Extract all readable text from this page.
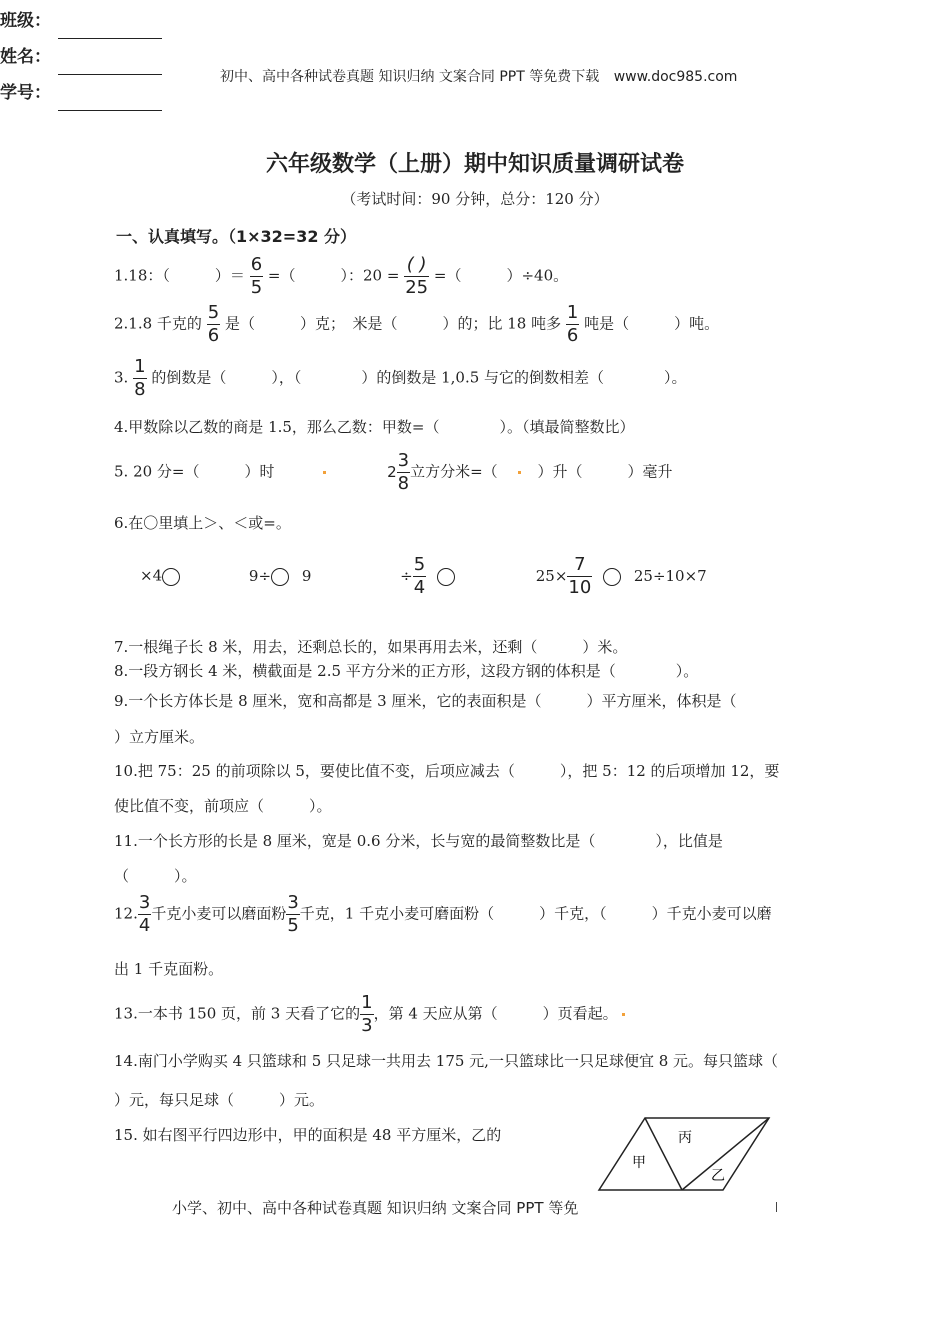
班级：
姓名：
学号：
初中、高中各种试卷真题 知识归纳 文案合同 PPT 等免费下载 www.doc985.com
六年级数学（上册）期中知识质量调研试卷
（考试时间：90 分钟，总分：120 分）
一、认真填写。（1×32=32 分）
1.18：（　　　）＝ $\frac{6}{5}$ =（　　　）：$20 = \frac{( )}{25}$ =（　　　）÷40。
2.1.8 千克的 $\frac{5}{6}$ 是（　　　）克；　米是（　　　）的；比 18 吨多 $\frac{1}{6}$ 吨是（　　　）吨。
3. $\frac{1}{8}$ 的倒数是（　　　），（　　　　）的倒数是 1,0.5 与它的倒数相差（　　　　）。
4.甲数除以乙数的商是 1.5，那么乙数：甲数=（　　　　）。（填最简整数比）
5. 20 分=（　　　）时	$2 \frac{3}{8}$ 立方分米=（	）升（　　　）毫升
6.在〇里填上＞、＜或=。
×4	9÷ 9	÷ $\frac{5}{4}$	$25\times \frac{7}{10}$	25÷10×7
7.一根绳子长 8 米，用去，还剩总长的，如果再用去米，还剩（　　　）米。
8.一段方钢长 4 米，横截面是 2.5 平方分米的正方形，这段方钢的体积是（　　　　）。
9.一个长方体长是 8 厘米，宽和高都是 3 厘米，它的表面积是（　　　）平方厘米，体积是（
）立方厘米。
10.把 75：25 的前项除以 5，要使比值不变，后项应减去（　　　），把 5：12 的后项增加 12，要
使比值不变，前项应（　　　）。
11.一个长方形的长是 8 厘米，宽是 0.6 分米，长与宽的最简整数比是（　　　　），比值是
（　　　）。
12. $\frac{3}{4}$ 千克小麦可以磨面粉 $\frac{3}{5}$ 千克，1 千克小麦可磨面粉（　　　）千克，（　　　）千克小麦可以磨
出 1 千克面粉。
13.一本书 150 页，前 3 天看了它的 $\frac{1}{3}$ ，第 4 天应从第（　　　）页看起。
14.南门小学购买 4 只篮球和 5 只足球一共用去 175 元,一只篮球比一只足球便宜 8 元。每只篮球（
）元，每只足球（　　　）元。
15. 如右图平行四边形中，甲的面积是 48 平方厘米，乙的
甲
丙
乙
小学、初中、高中各种试卷真题 知识归纳 文案合同 PPT 等免
